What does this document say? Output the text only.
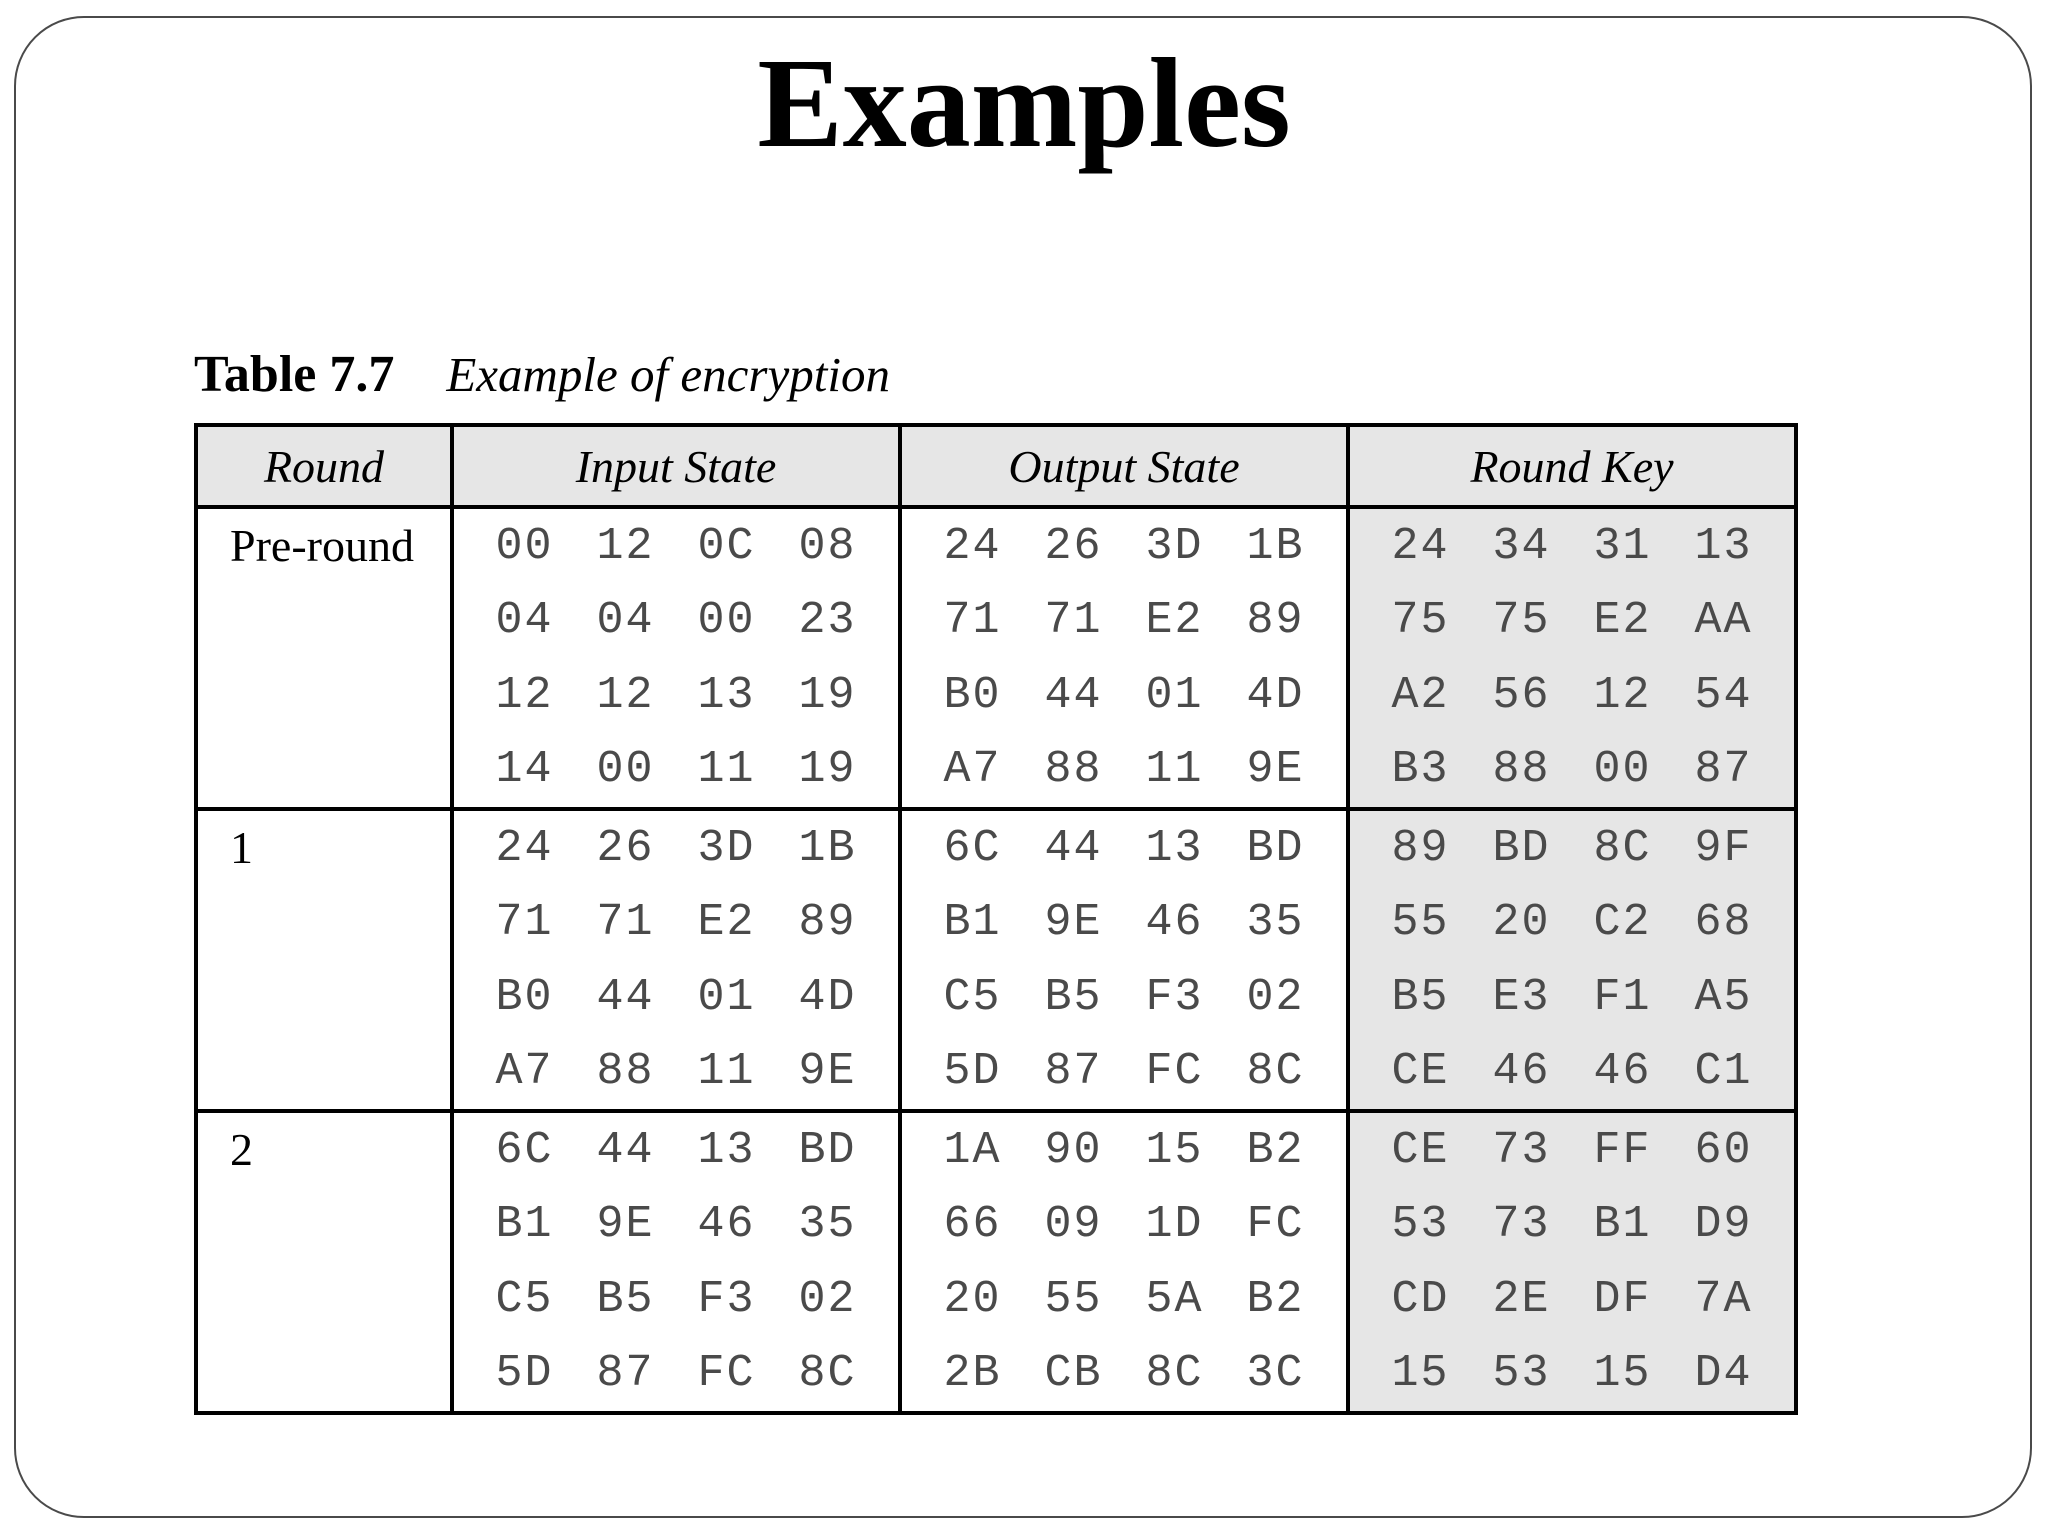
Examples
Table 7.7 Example of encryption
Round	Input State	Output State	Round Key
Pre-round	00 12 0C 08	24 26 3D 1B	24 34 31 13
	04 04 00 23	71 71 E2 89	75 75 E2 AA
	12 12 13 19	B0 44 01 4D	A2 56 12 54
	14 00 11 19	A7 88 11 9E	B3 88 00 87
1	24 26 3D 1B	6C 44 13 BD	89 BD 8C 9F
	71 71 E2 89	B1 9E 46 35	55 20 C2 68
	B0 44 01 4D	C5 B5 F3 02	B5 E3 F1 A5
	A7 88 11 9E	5D 87 FC 8C	CE 46 46 C1
2	6C 44 13 BD	1A 90 15 B2	CE 73 FF 60
	B1 9E 46 35	66 09 1D FC	53 73 B1 D9
	C5 B5 F3 02	20 55 5A B2	CD 2E DF 7A
	5D 87 FC 8C	2B CB 8C 3C	15 53 15 D4
